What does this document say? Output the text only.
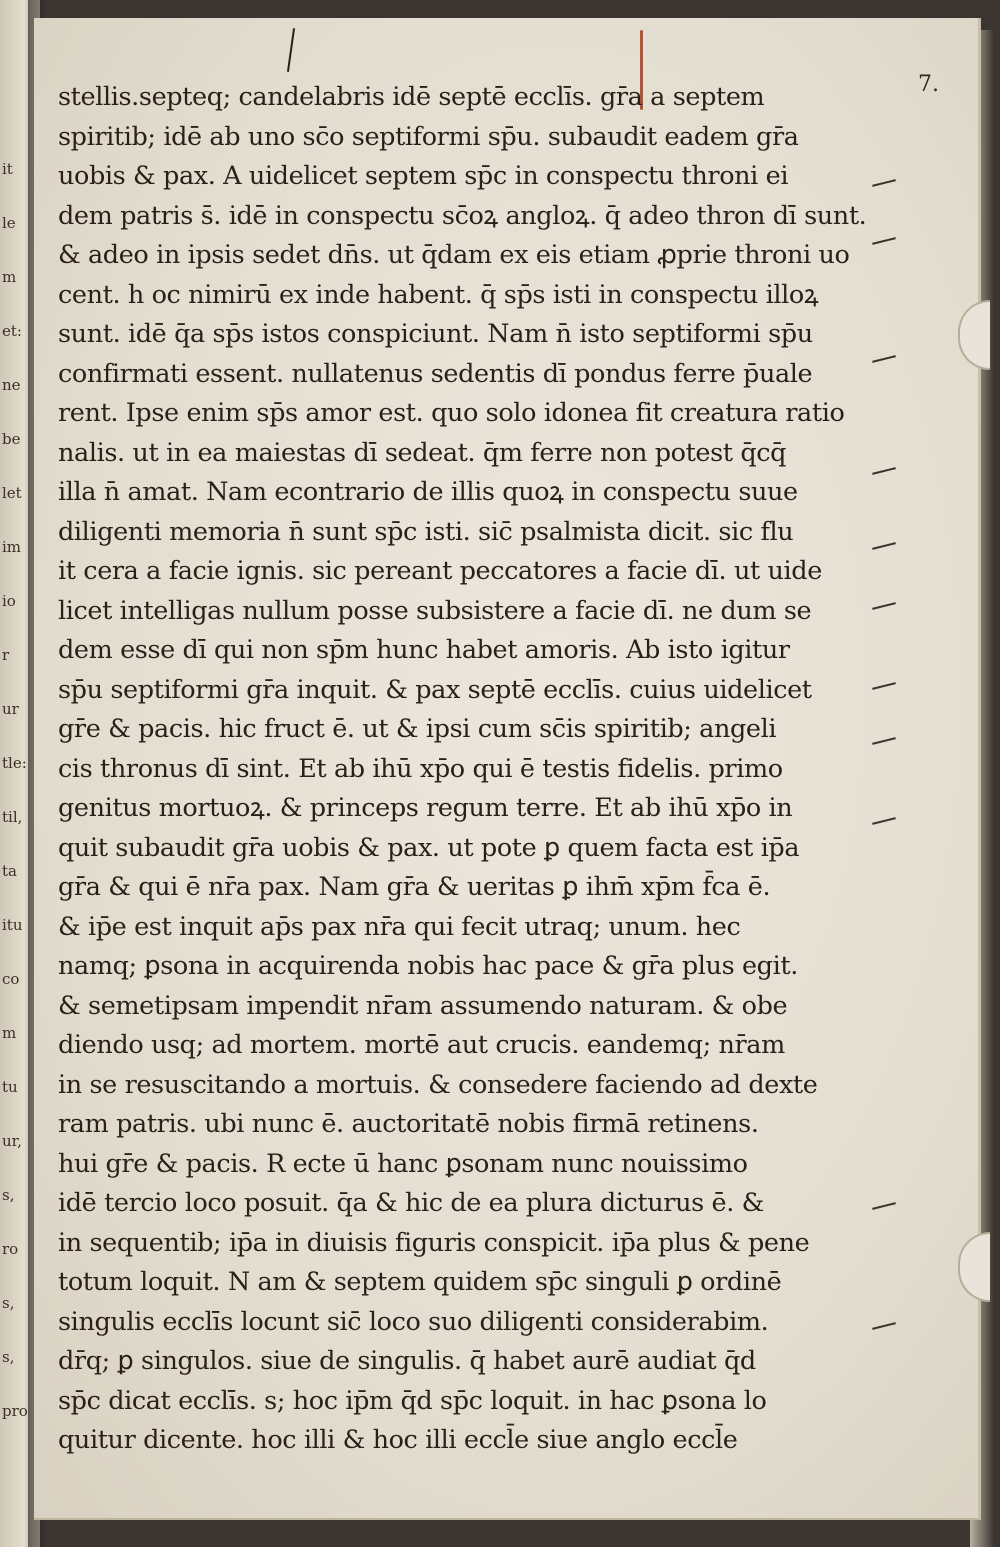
it
le
m
et:
ne
be
let
im
io
r
ur
tle:
til,
ta
itu
co
m
tu
ur,
s,
ro
s,
s,
pro
7.
stellis.septeq; candelabris idē septē ecclīs. gr̄a a septem
spiritib; idē ab uno sc̄o septiformi sp̄u. subaudit eadem gr̄a
uobis & pax. A uidelicet septem sp̄c in conspectu throni ei
dem patris s̄. idē in conspectu sc̄oꝝ angloꝝ. q̄ adeo thron dī sunt.
& adeo in ipsis sedet dn̄s. ut q̄dam ex eis etiam ꝓprie throni uo
cent. h oc nimirū ex inde habent. q̄ sp̄s isti in conspectu illoꝝ
sunt. idē q̄a sp̄s istos conspiciunt. Nam n̄ isto septiformi sp̄u
confirmati essent. nullatenus sedentis dī pondus ferre p̄uale
rent. Ipse enim sp̄s amor est. quo solo idonea fit creatura ratio
nalis. ut in ea maiestas dī sedeat. q̄m ferre non potest q̄cq̄
illa n̄ amat. Nam econtrario de illis quoꝝ in conspectu suue
diligenti memoria n̄ sunt sp̄c isti. sic̄ psalmista dicit. sic flu
it cera a facie ignis. sic pereant peccatores a facie dī. ut uide
licet intelligas nullum posse subsistere a facie dī. ne dum se
dem esse dī qui non sp̄m hunc habet amoris. Ab isto igitur
sp̄u septiformi gr̄a inquit. & pax septē ecclīs. cuius uidelicet
gr̄e & pacis. hic fruct ē. ut & ipsi cum sc̄is spiritib; angeli
cis thronus dī sint. Et ab ihū xp̄o qui ē testis fidelis. primo
genitus mortuoꝝ. & princeps regum terre. Et ab ihū xp̄o in
quit subaudit gr̄a uobis & pax. ut pote ꝑ quem facta est ip̄a
gr̄a & qui ē nr̄a pax. Nam gr̄a & ueritas ꝑ ihm̄ xp̄m f̄ca ē.
& ip̄e est inquit ap̄s pax nr̄a qui fecit utraq; unum. hec
namq; ꝑsona in acquirenda nobis hac pace & gr̄a plus egit.
& semetipsam impendit nr̄am assumendo naturam. & obe
diendo usq; ad mortem. mortē aut crucis. eandemq; nr̄am
in se resuscitando a mortuis. & consedere faciendo ad dexte
ram patris. ubi nunc ē. auctoritatē nobis firmā retinens.
hui gr̄e & pacis. R ecte ū hanc ꝑsonam nunc nouissimo
idē tercio loco posuit. q̄a & hic de ea plura dicturus ē. &
in sequentib; ip̄a in diuisis figuris conspicit. ip̄a plus & pene
totum loquit. N am & septem quidem sp̄c singuli ꝑ ordinē
singulis ecclīs locunt sic̄ loco suo diligenti considerabim.
dr̄q; ꝑ singulos. siue de singulis. q̄ habet aurē audiat q̄d
sp̄c dicat ecclīs. s; hoc ip̄m q̄d sp̄c loquit. in hac ꝑsona lo
quitur dicente. hoc illi & hoc illi eccl̄e siue anglo eccl̄e
